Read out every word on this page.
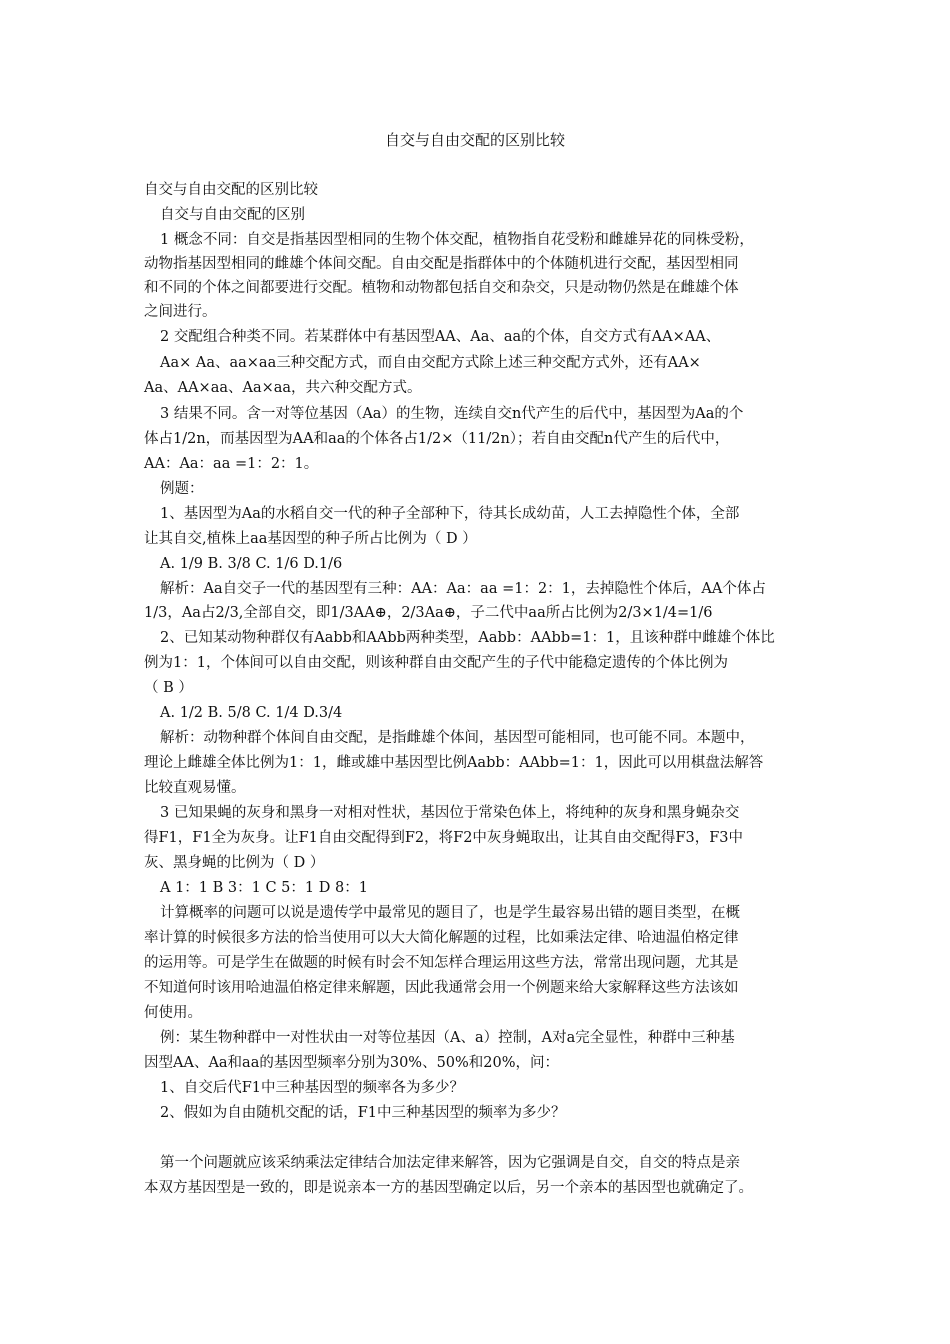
自交与自由交配的区别比较
自交与自由交配的区别比较
自交与自由交配的区别
1 概念不同：自交是指基因型相同的生物个体交配，植物指自花受粉和雌雄异花的同株受粉，
动物指基因型相同的雌雄个体间交配。自由交配是指群体中的个体随机进行交配，基因型相同
和不同的个体之间都要进行交配。植物和动物都包括自交和杂交，只是动物仍然是在雌雄个体
之间进行。
2 交配组合种类不同。若某群体中有基因型AA、Aa、aa的个体，自交方式有AA×AA、
Aa× Aa、aa×aa三种交配方式，而自由交配方式除上述三种交配方式外，还有AA×
Aa、AA×aa、Aa×aa，共六种交配方式。
3 结果不同。含一对等位基因（Aa）的生物，连续自交n代产生的后代中，基因型为Aa的个
体占1/2n，而基因型为AA和aa的个体各占1/2×（11/2n）；若自由交配n代产生的后代中，
AA：Aa：aa =1：2：1。
例题：
1、基因型为Aa的水稻自交一代的种子全部种下，待其长成幼苗，人工去掉隐性个体，全部
让其自交,植株上aa基因型的种子所占比例为（ D ）
A. 1/9 B. 3/8 C. 1/6 D.1/6
解析：Aa自交子一代的基因型有三种：AA：Aa：aa =1：2：1，去掉隐性个体后，AA个体占
1/3，Aa占2/3,全部自交，即1/3AA⊕，2/3Aa⊕，子二代中aa所占比例为2/3×1/4=1/6
2、已知某动物种群仅有Aabb和AAbb两种类型，Aabb：AAbb=1：1，且该种群中雌雄个体比
例为1：1，个体间可以自由交配，则该种群自由交配产生的子代中能稳定遗传的个体比例为
（ B ）
A. 1/2 B. 5/8 C. 1/4 D.3/4
解析：动物种群个体间自由交配，是指雌雄个体间，基因型可能相同，也可能不同。本题中，
理论上雌雄全体比例为1：1，雌或雄中基因型比例Aabb：AAbb=1：1，因此可以用棋盘法解答
比较直观易懂。
3 已知果蝇的灰身和黑身一对相对性状，基因位于常染色体上，将纯种的灰身和黑身蝇杂交
得F1，F1全为灰身。让F1自由交配得到F2，将F2中灰身蝇取出，让其自由交配得F3，F3中
灰、黑身蝇的比例为（ D ）
A 1：1 B 3：1 C 5：1 D 8：1
计算概率的问题可以说是遗传学中最常见的题目了，也是学生最容易出错的题目类型，在概
率计算的时候很多方法的恰当使用可以大大简化解题的过程，比如乘法定律、哈迪温伯格定律
的运用等。可是学生在做题的时候有时会不知怎样合理运用这些方法，常常出现问题，尤其是
不知道何时该用哈迪温伯格定律来解题，因此我通常会用一个例题来给大家解释这些方法该如
何使用。
例：某生物种群中一对性状由一对等位基因（A、a）控制，A对a完全显性，种群中三种基
因型AA、Aa和aa的基因型频率分别为30%、50%和20%，问：
1、自交后代F1中三种基因型的频率各为多少？
2、假如为自由随机交配的话，F1中三种基因型的频率为多少？
第一个问题就应该采纳乘法定律结合加法定律来解答，因为它强调是自交，自交的特点是亲
本双方基因型是一致的，即是说亲本一方的基因型确定以后，另一个亲本的基因型也就确定了。
